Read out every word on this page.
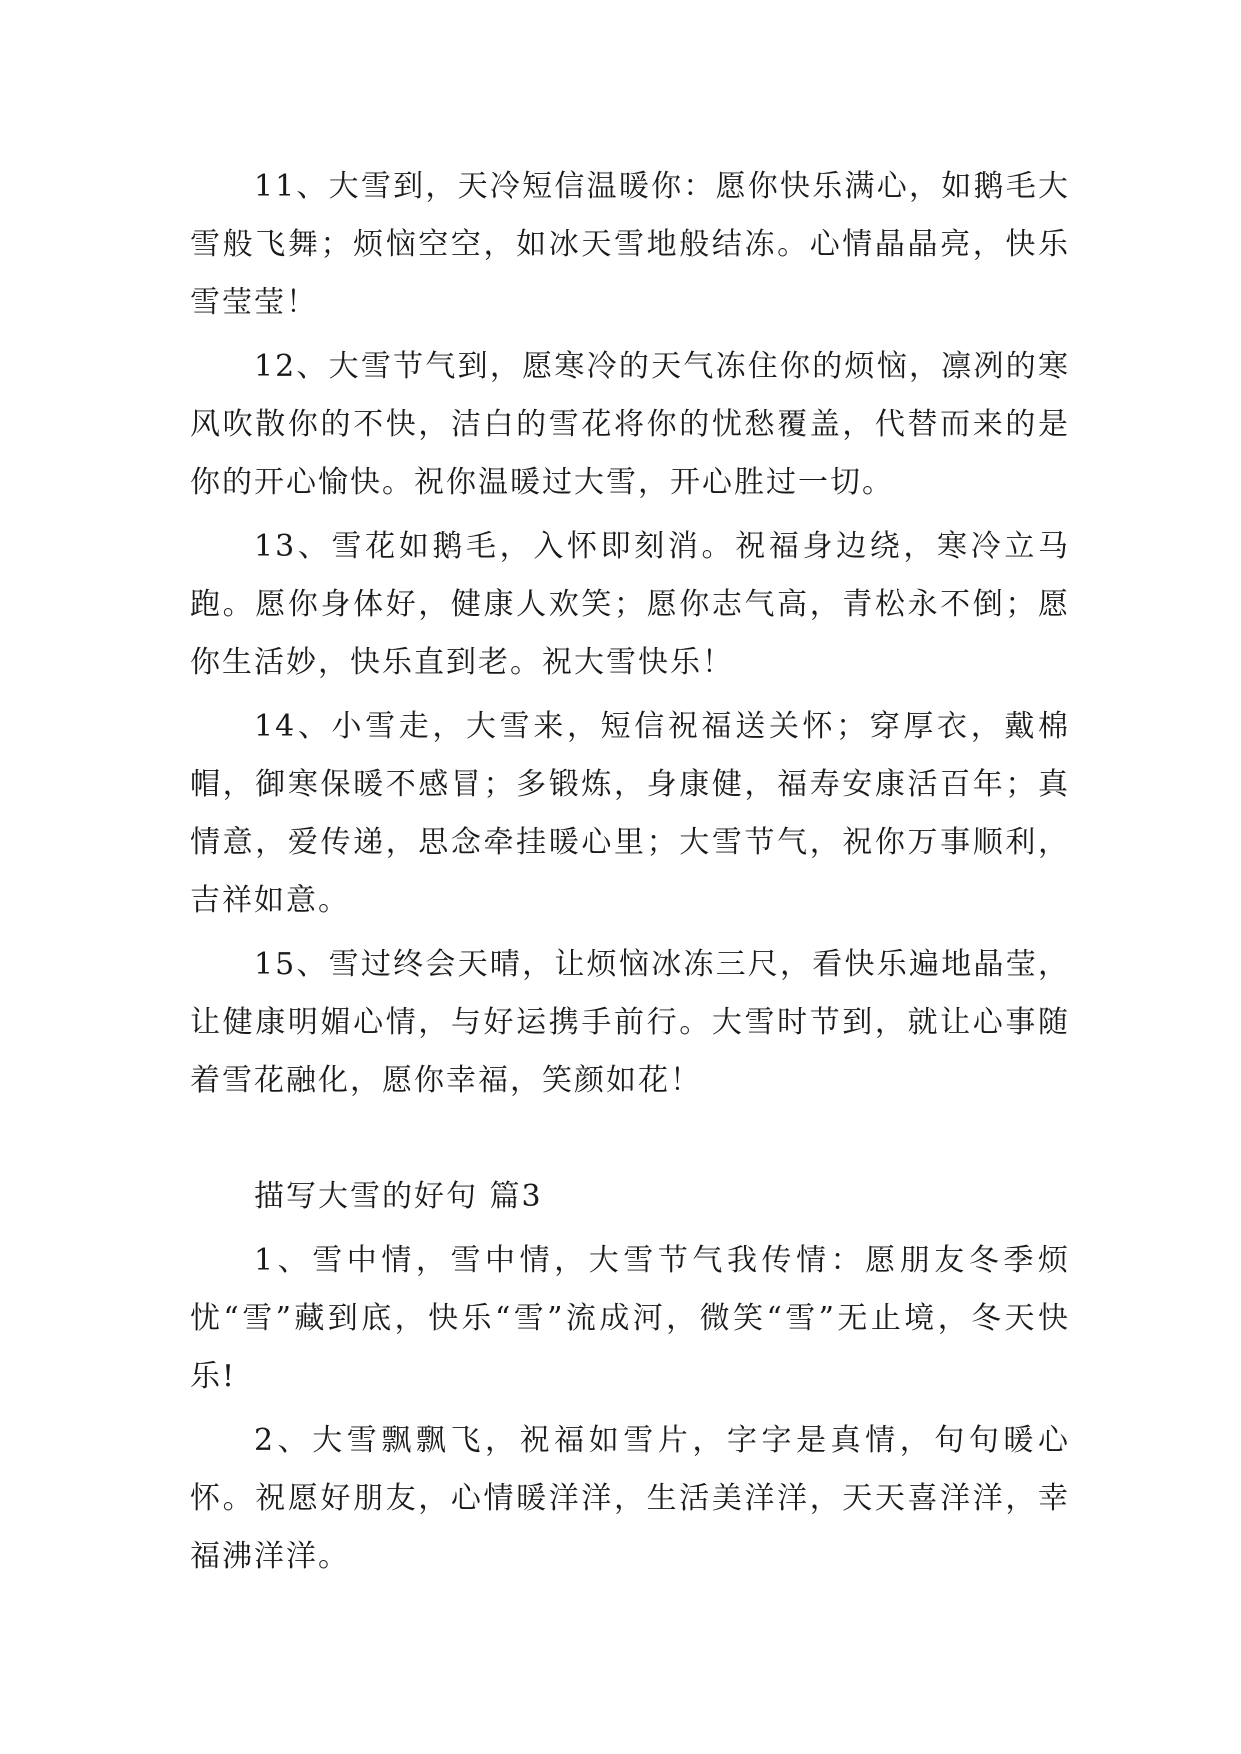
11、大雪到，天冷短信温暖你：愿你快乐满心，如鹅毛大雪般飞舞；烦恼空空，如冰天雪地般结冻。心情晶晶亮，快乐雪莹莹！

12、大雪节气到，愿寒冷的天气冻住你的烦恼，凛冽的寒风吹散你的不快，洁白的雪花将你的忧愁覆盖，代替而来的是你的开心愉快。祝你温暖过大雪，开心胜过一切。

13、雪花如鹅毛，入怀即刻消。祝福身边绕，寒冷立马跑。愿你身体好，健康人欢笑；愿你志气高，青松永不倒；愿你生活妙，快乐直到老。祝大雪快乐！

14、小雪走，大雪来，短信祝福送关怀；穿厚衣，戴棉帽，御寒保暖不感冒；多锻炼，身康健，福寿安康活百年；真情意，爱传递，思念牵挂暖心里；大雪节气，祝你万事顺利，吉祥如意。

15、雪过终会天晴，让烦恼冰冻三尺，看快乐遍地晶莹，让健康明媚心情，与好运携手前行。大雪时节到，就让心事随着雪花融化，愿你幸福，笑颜如花！

描写大雪的好句 篇3

1、雪中情，雪中情，大雪节气我传情：愿朋友冬季烦忧“雪”藏到底，快乐“雪”流成河，微笑“雪”无止境，冬天快乐!

2、大雪飘飘飞，祝福如雪片，字字是真情，句句暖心怀。祝愿好朋友，心情暖洋洋，生活美洋洋，天天喜洋洋，幸福沸洋洋。
